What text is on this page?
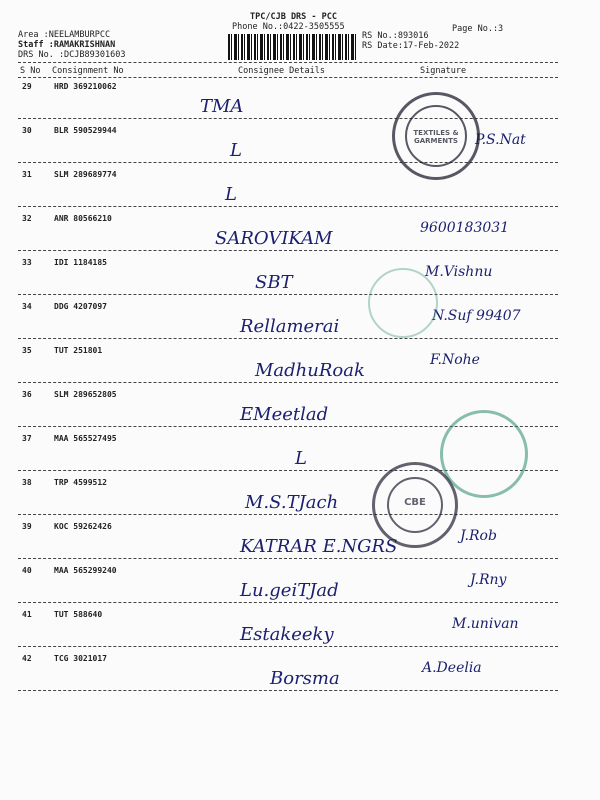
TPC/CJB DRS - PCC
Phone No.:0422-3505555
Area :NEELAMBURPCC
Staff :RAMAKRISHNAN
DRS No. :DCJB89301603
RS No.:893016
RS Date:17-Feb-2022
Page No.:3
S No Consignment No	Consignee Details	Signature
29	HRD 369210062
TMA
30	BLR 590529944
L	P.S.Nat
31	SLM 289689774
L
32	ANR 80566210
SAROVIKAM	9600183031
33	IDI 1184185
SBT	M.Vishnu
34	DDG 4207097
Rellamerai	N.Suf 99407
35	TUT 251801
MadhuRoak	F.Nohe
36	SLM 289652805
EMeetlad
37	MAA 565527495
L
38	TRP 4599512
M.S.TJach
39	KOC 59262426
KATRAR E.NGRS	J.Rob
40	MAA 565299240
Lu.geiTJad	J.Rny
41	TUT 588640
Estakeeky	M.univan
42	TCG 3021017
Borsma	A.Deelia
TEXTILES & GARMENTS
CBE
